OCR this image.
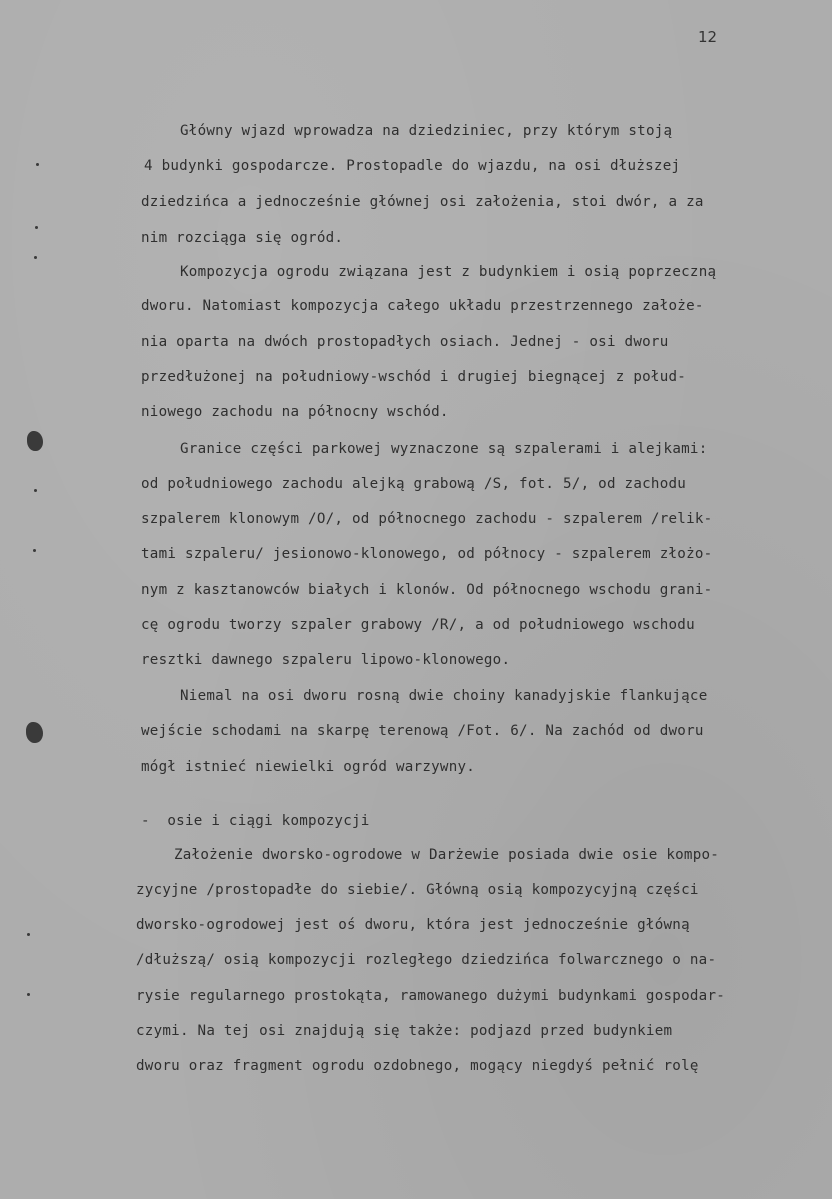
12
Główny wjazd wprowadza na dziedziniec, przy którym stoją
4 budynki gospodarcze. Prostopadle do wjazdu, na osi dłuższej
dziedzińca a jednocześnie głównej osi założenia, stoi dwór, a za
nim rozciąga się ogród.
Kompozycja ogrodu związana jest z budynkiem i osią poprzeczną
dworu. Natomiast kompozycja całego układu przestrzennego założe-
nia oparta na dwóch prostopadłych osiach. Jednej - osi dworu
przedłużonej na południowy-wschód i drugiej biegnącej z połud-
niowego zachodu na północny wschód.
Granice części parkowej wyznaczone są szpalerami i alejkami:
od południowego zachodu alejką grabową /S, fot. 5/, od zachodu
szpalerem klonowym /O/, od północnego zachodu - szpalerem /relik-
tami szpaleru/ jesionowo-klonowego, od północy - szpalerem złożo-
nym z kasztanowców białych i klonów. Od północnego wschodu grani-
cę ogrodu tworzy szpaler grabowy /R/, a od południowego wschodu
resztki dawnego szpaleru lipowo-klonowego.
Niemal na osi dworu rosną dwie choiny kanadyjskie flankujące
wejście schodami na skarpę terenową /Fot. 6/. Na zachód od dworu
mógł istnieć niewielki ogród warzywny.
-  osie i ciągi kompozycji
Założenie dworsko-ogrodowe w Darżewie posiada dwie osie kompo-
zycyjne /prostopadłe do siebie/. Główną osią kompozycyjną części
dworsko-ogrodowej jest oś dworu, która jest jednocześnie główną
/dłuższą/ osią kompozycji rozległego dziedzińca folwarcznego o na-
rysie regularnego prostokąta, ramowanego dużymi budynkami gospodar-
czymi. Na tej osi znajdują się także: podjazd przed budynkiem
dworu oraz fragment ogrodu ozdobnego, mogący niegdyś pełnić rolę
